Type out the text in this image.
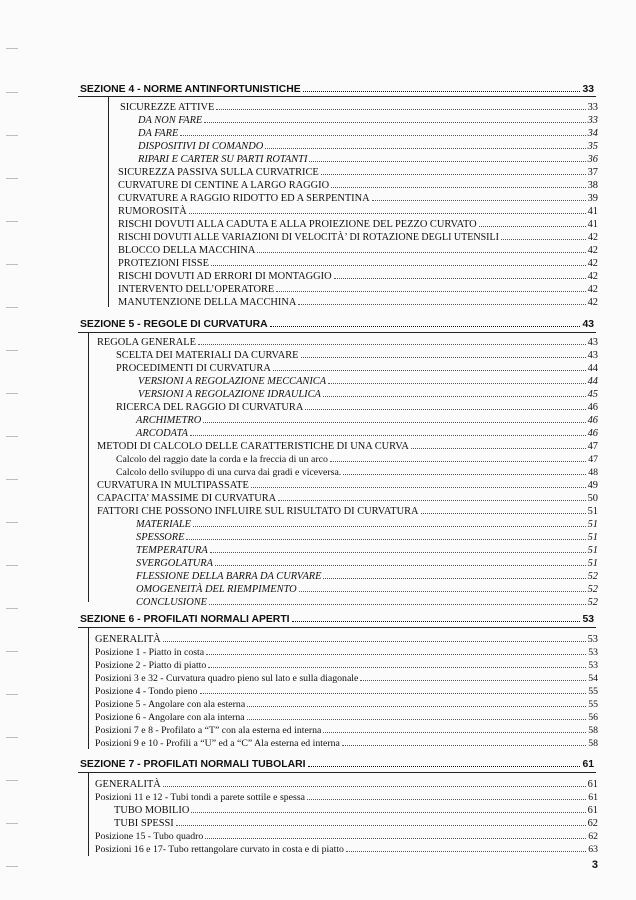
SEZIONE 4 - NORME ANTINFORTUNISTICHE	33
SICUREZZE ATTIVE	33
DA NON FARE	33
DA FARE	34
DISPOSITIVI DI COMANDO	35
RIPARI E CARTER SU PARTI ROTANTI	36
SICUREZZA PASSIVA SULLA CURVATRICE	37
CURVATURE DI CENTINE A LARGO RAGGIO	38
CURVATURE A RAGGIO RIDOTTO ED A SERPENTINA	39
RUMOROSITÀ	41
RISCHI DOVUTI ALLA CADUTA E ALLA PROIEZIONE DEL PEZZO CURVATO	41
RISCHI DOVUTI ALLE VARIAZIONI DI VELOCITÀ’ DI ROTAZIONE DEGLI UTENSILI	42
BLOCCO DELLA MACCHINA	42
PROTEZIONI FISSE	42
RISCHI DOVUTI AD ERRORI DI MONTAGGIO	42
INTERVENTO DELL’OPERATORE	42
MANUTENZIONE DELLA MACCHINA	42
SEZIONE 5 - REGOLE DI CURVATURA	43
REGOLA GENERALE	43
SCELTA DEI MATERIALI DA CURVARE	43
PROCEDIMENTI DI CURVATURA	44
VERSIONI A REGOLAZIONE MECCANICA	44
VERSIONI A REGOLAZIONE IDRAULICA	45
RICERCA DEL RAGGIO DI CURVATURA	46
ARCHIMETRO	46
ARCODATA	46
METODI DI CALCOLO DELLE CARATTERISTICHE DI UNA CURVA	47
Calcolo del raggio date la corda e la freccia di un arco	47
Calcolo dello sviluppo di una curva dai gradi e viceversa.	48
CURVATURA IN MULTIPASSATE	49
CAPACITA’ MASSIME DI CURVATURA	50
FATTORI CHE POSSONO INFLUIRE SUL RISULTATO DI CURVATURA	51
MATERIALE	51
SPESSORE	51
TEMPERATURA	51
SVERGOLATURA	51
FLESSIONE DELLA BARRA DA CURVARE	52
OMOGENEITÀ DEL RIEMPIMENTO	52
CONCLUSIONE	52
SEZIONE 6 - PROFILATI NORMALI APERTI	53
GENERALITÀ	53
Posizione 1 - Piatto in costa	53
Posizione 2 - Piatto di piatto	53
Posizioni 3 e 32 - Curvatura quadro pieno sul lato e sulla diagonale	54
Posizione 4 - Tondo pieno	55
Posizione 5 - Angolare con ala esterna	55
Posizione 6 - Angolare con ala interna	56
Posizioni 7 e 8 - Profilato a “T” con ala esterna ed interna	58
Posizioni 9 e 10 - Profili a “U” ed a “C” Ala esterna ed interna	58
SEZIONE 7 - PROFILATI NORMALI TUBOLARI	61
GENERALITÀ	61
Posizioni 11 e 12 - Tubi tondi a parete sottile e spessa	61
TUBO MOBILIO	61
TUBI SPESSI	62
Posizione 15 - Tubo quadro	62
Posizioni 16 e 17- Tubo rettangolare curvato in costa e di piatto	63
3
